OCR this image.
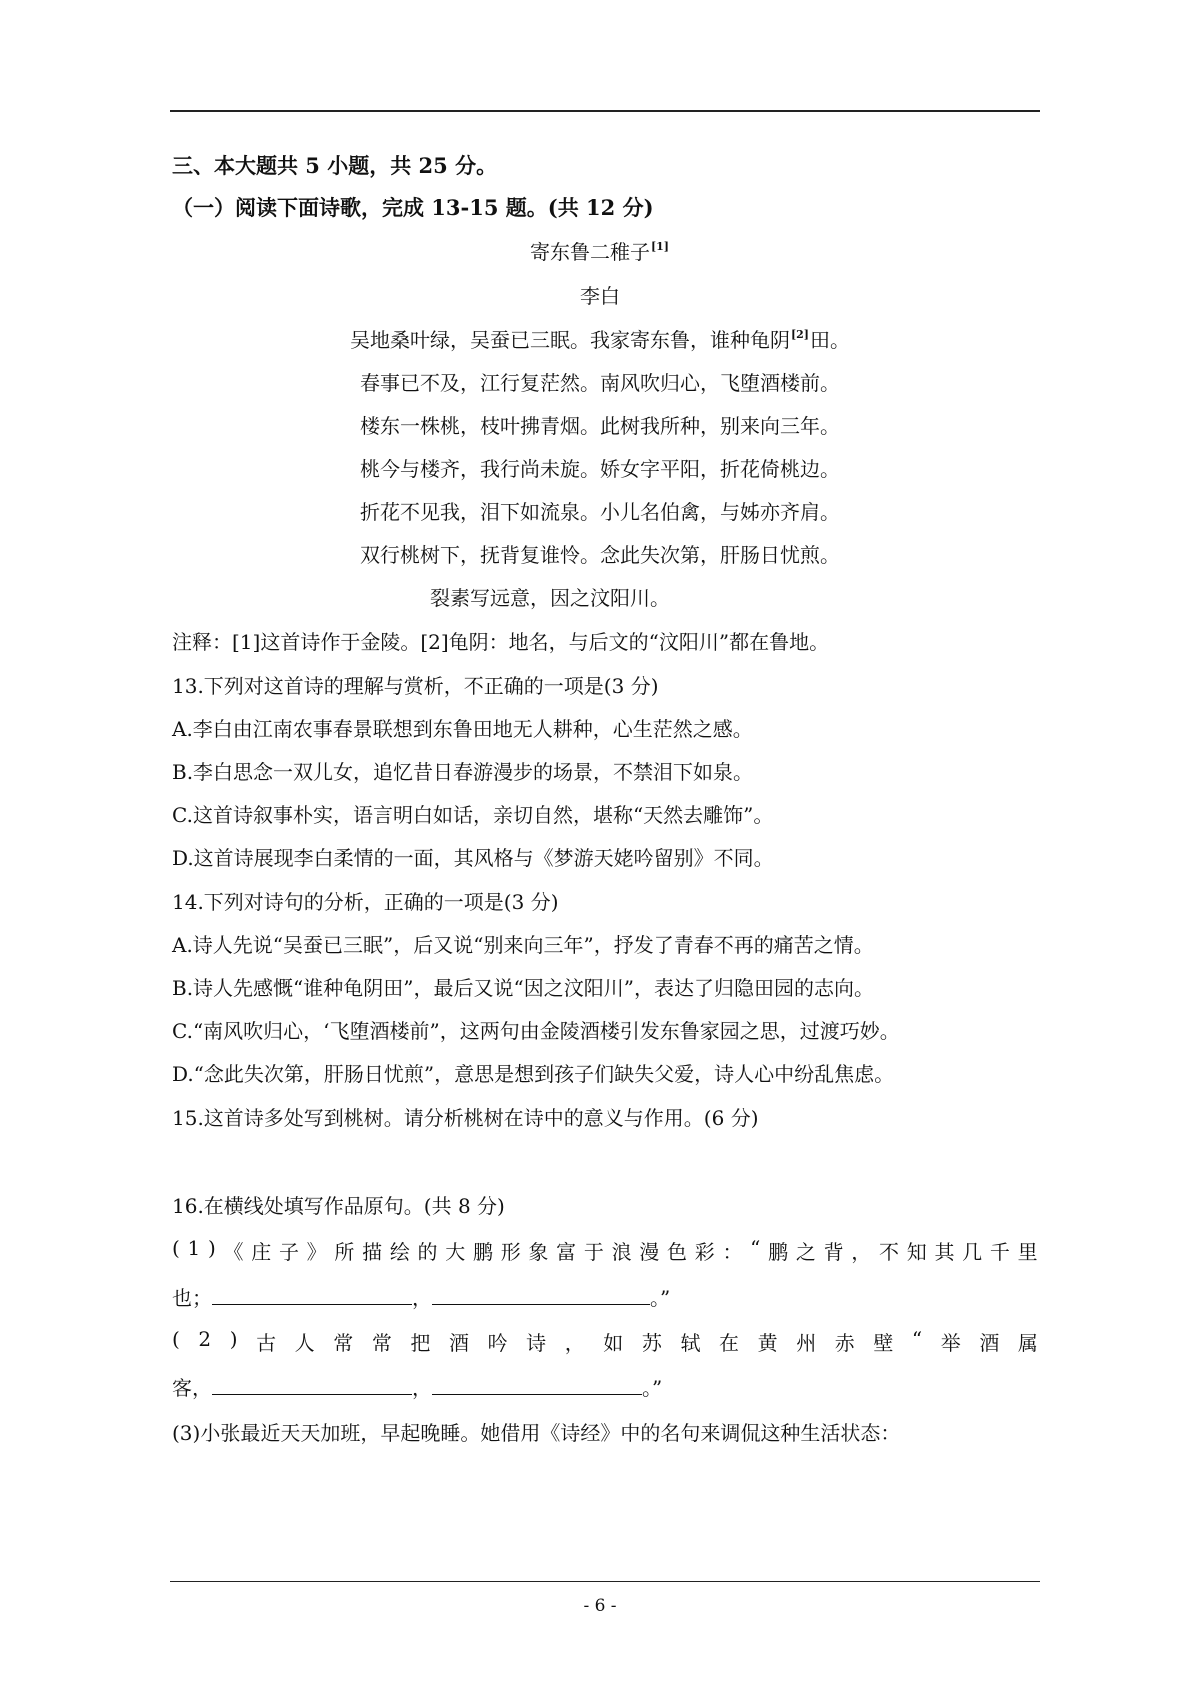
三、本大题共 5 小题，共 25 分。
（一）阅读下面诗歌，完成 13-15 题。(共 12 分)
寄东鲁二稚子[1]
李白
吴地桑叶绿，吴蚕已三眠。我家寄东鲁，谁种龟阴[2]田。
春事已不及，江行复茫然。南风吹归心，飞堕酒楼前。
楼东一株桃，枝叶拂青烟。此树我所种，别来向三年。
桃今与楼齐，我行尚未旋。娇女字平阳，折花倚桃边。
折花不见我，泪下如流泉。小儿名伯禽，与姊亦齐肩。
双行桃树下，抚背复谁怜。念此失次第，肝肠日忧煎。
裂素写远意，因之汶阳川。
注释：[1]这首诗作于金陵。[2]龟阴：地名，与后文的“汶阳川”都在鲁地。
13.下列对这首诗的理解与赏析，不正确的一项是(3 分)
A.李白由江南农事春景联想到东鲁田地无人耕种，心生茫然之感。
B.李白思念一双儿女，追忆昔日春游漫步的场景，不禁泪下如泉。
C.这首诗叙事朴实，语言明白如话，亲切自然，堪称“天然去雕饰”。
D.这首诗展现李白柔情的一面，其风格与《梦游天姥吟留别》不同。
14.下列对诗句的分析，正确的一项是(3 分)
A.诗人先说“吴蚕已三眠”，后又说“别来向三年”，抒发了青春不再的痛苦之情。
B.诗人先感慨“谁种龟阴田”，最后又说“因之汶阳川”，表达了归隐田园的志向。
C.“南风吹归心，‘飞堕酒楼前”，这两句由金陵酒楼引发东鲁家园之思，过渡巧妙。
D.“念此失次第，肝肠日忧煎”，意思是想到孩子们缺失父爱，诗人心中纷乱焦虑。
15.这首诗多处写到桃树。请分析桃树在诗中的意义与作用。(6 分)
16.在横线处填写作品原句。(共 8 分)
( 1 ) 《 庄 子 》 所 描 绘 的 大 鹏 形 象 富 于 浪 漫 色 彩 ： “ 鹏 之 背 ， 不 知 其 几 千 里
也；	，	。”
( 2 ) 古 人 常 常 把 酒 吟 诗 ， 如 苏 轼 在 黄 州 赤 壁 “ 举 酒 属
客，	，	。”
(3)小张最近天天加班，早起晚睡。她借用《诗经》中的名句来调侃这种生活状态：
- 6 -
